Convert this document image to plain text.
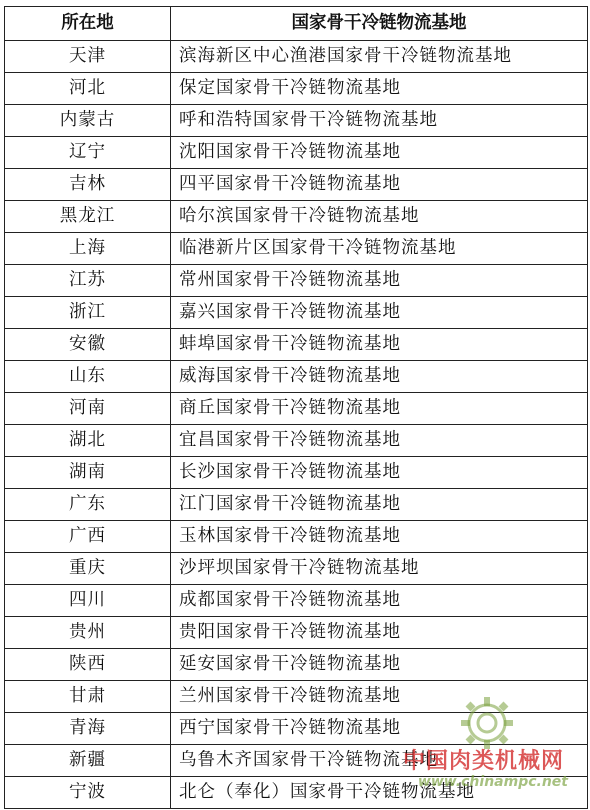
所在地	国家骨干冷链物流基地
天津	滨海新区中心渔港国家骨干冷链物流基地
河北	保定国家骨干冷链物流基地
内蒙古	呼和浩特国家骨干冷链物流基地
辽宁	沈阳国家骨干冷链物流基地
吉林	四平国家骨干冷链物流基地
黑龙江	哈尔滨国家骨干冷链物流基地
上海	临港新片区国家骨干冷链物流基地
江苏	常州国家骨干冷链物流基地
浙江	嘉兴国家骨干冷链物流基地
安徽	蚌埠国家骨干冷链物流基地
山东	威海国家骨干冷链物流基地
河南	商丘国家骨干冷链物流基地
湖北	宜昌国家骨干冷链物流基地
湖南	长沙国家骨干冷链物流基地
广东	江门国家骨干冷链物流基地
广西	玉林国家骨干冷链物流基地
重庆	沙坪坝国家骨干冷链物流基地
四川	成都国家骨干冷链物流基地
贵州	贵阳国家骨干冷链物流基地
陕西	延安国家骨干冷链物流基地
甘肃	兰州国家骨干冷链物流基地
青海	西宁国家骨干冷链物流基地
新疆	乌鲁木齐国家骨干冷链物流基地
宁波	北仑（奉化）国家骨干冷链物流基地
中国肉类机械网
www.chinampc.net
